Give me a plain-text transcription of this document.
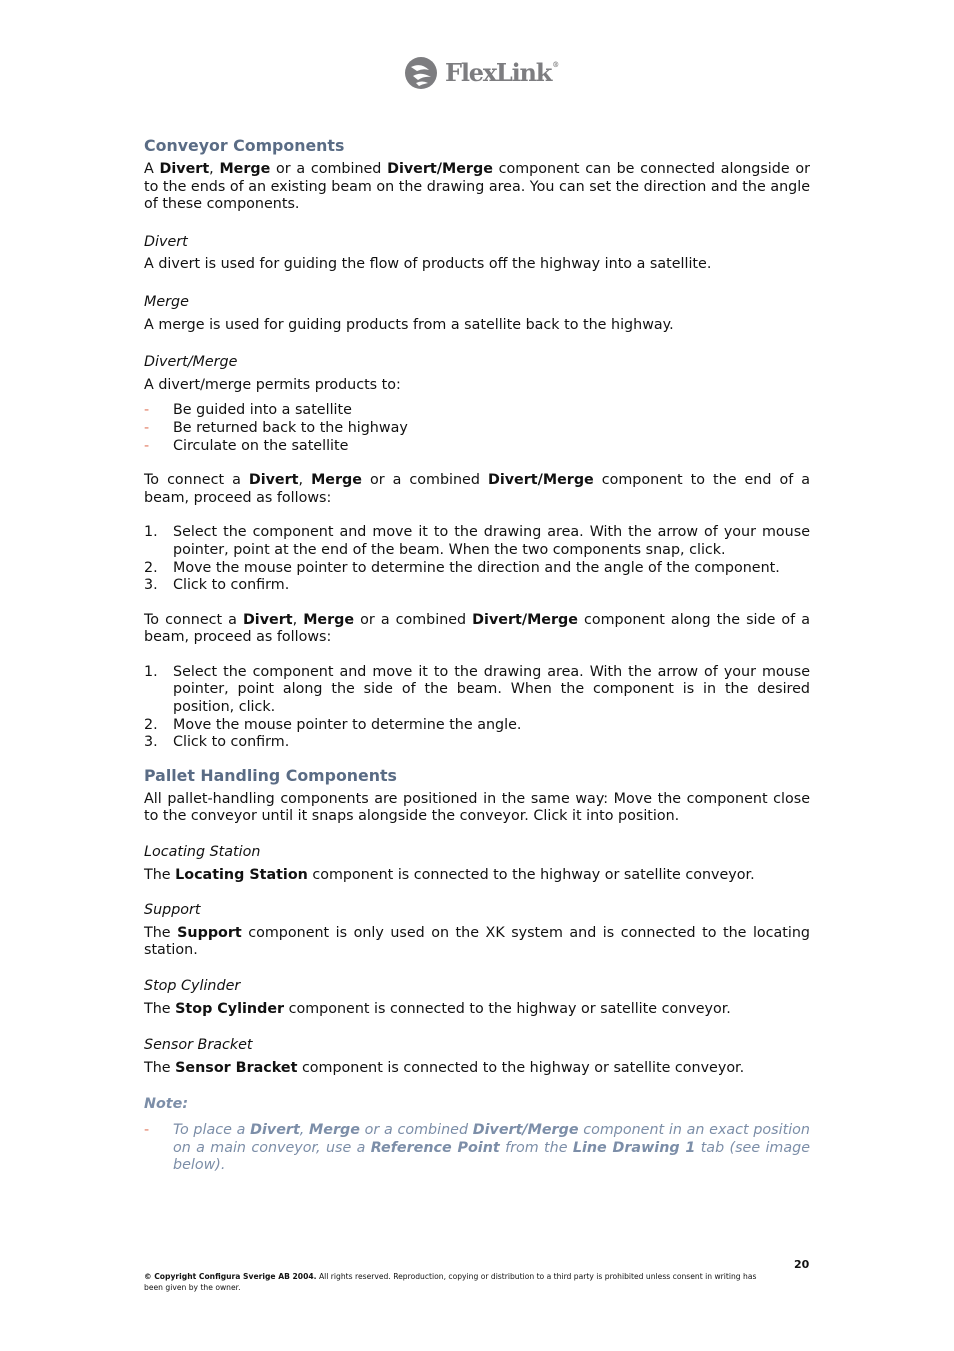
FlexLink®
Conveyor Components

A Divert, Merge or a combined Divert/Merge component can be connected alongside or to the ends of an existing beam on the drawing area. You can set the direction and the angle of these components.

Divert

A divert is used for guiding the flow of products off the highway into a satellite.

Merge

A merge is used for guiding products from a satellite back to the highway.

Divert/Merge

A divert/merge permits products to:

- Be guided into a satellite
- Be returned back to the highway
- Circulate on the satellite

To connect a Divert, Merge or a combined Divert/Merge component to the end of a beam, proceed as follows:

1. Select the component and move it to the drawing area. With the arrow of your mouse pointer, point at the end of the beam. When the two components snap, click.
2. Move the mouse pointer to determine the direction and the angle of the component.
3. Click to confirm.

To connect a Divert, Merge or a combined Divert/Merge component along the side of a beam, proceed as follows:

1. Select the component and move it to the drawing area. With the arrow of your mouse pointer, point along the side of the beam. When the component is in the desired position, click.
2. Move the mouse pointer to determine the angle.
3. Click to confirm.
Pallet Handling Components

All pallet-handling components are positioned in the same way: Move the component close to the conveyor until it snaps alongside the conveyor. Click it into position.

Locating Station

The Locating Station component is connected to the highway or satellite conveyor.

Support

The Support component is only used on the XK system and is connected to the locating station.

Stop Cylinder

The Stop Cylinder component is connected to the highway or satellite conveyor.

Sensor Bracket

The Sensor Bracket component is connected to the highway or satellite conveyor.

Note:

- To place a Divert, Merge or a combined Divert/Merge component in an exact position on a main conveyor, use a Reference Point from the Line Drawing 1 tab (see image below).
20
© Copyright Configura Sverige AB 2004. All rights reserved. Reproduction, copying or distribution to a third party is prohibited unless consent in writing has been given by the owner.
